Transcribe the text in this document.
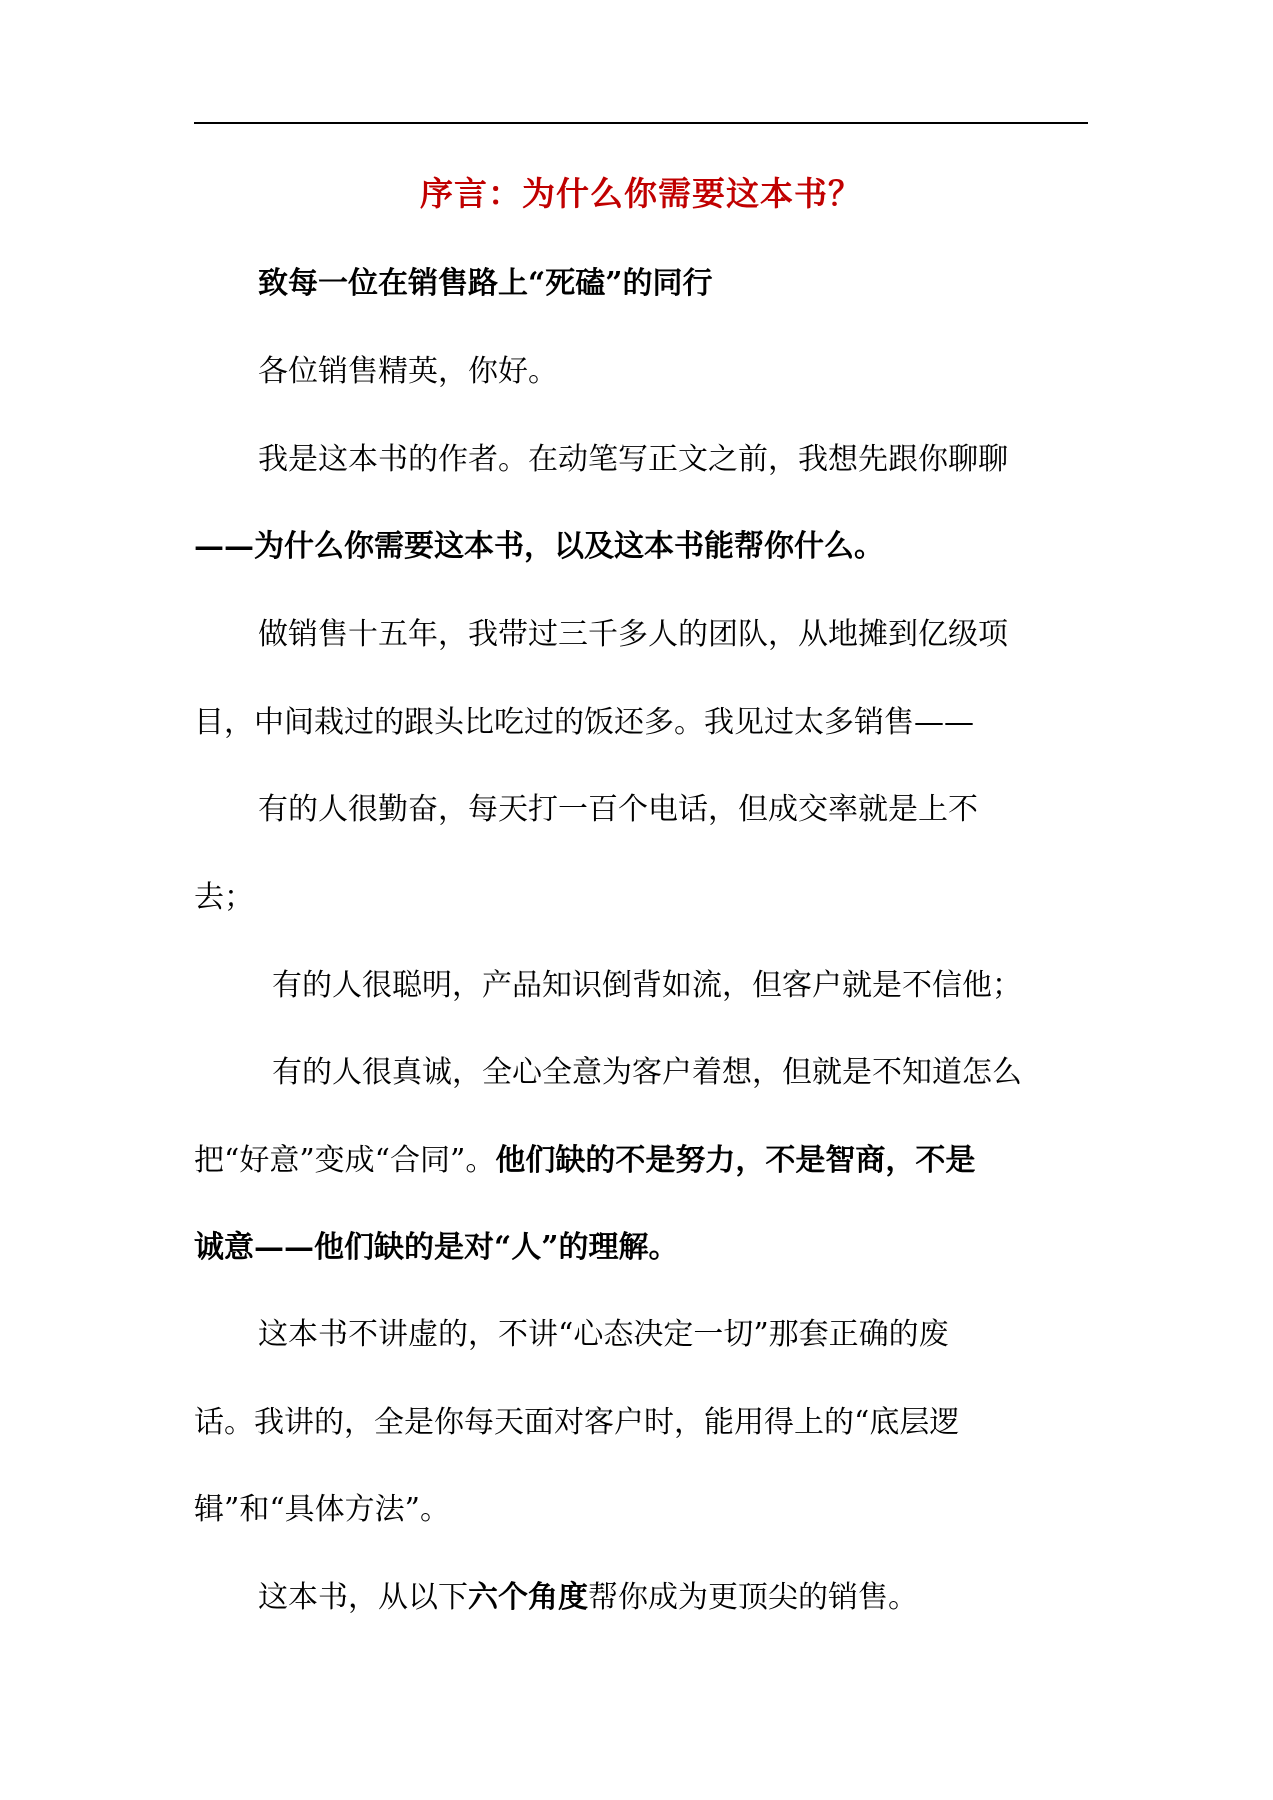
序言：为什么你需要这本书？
致每一位在销售路上“死磕”的同行
各位销售精英，你好。
我是这本书的作者。在动笔写正文之前，我想先跟你聊聊
——为什么你需要这本书，以及这本书能帮你什么。
做销售十五年，我带过三千多人的团队，从地摊到亿级项
目，中间栽过的跟头比吃过的饭还多。我见过太多销售——
有的人很勤奋，每天打一百个电话，但成交率就是上不
去；
有的人很聪明，产品知识倒背如流，但客户就是不信他；
有的人很真诚，全心全意为客户着想，但就是不知道怎么
把“好意”变成“合同”。他们缺的不是努力，不是智商，不是
诚意——他们缺的是对“人”的理解。
这本书不讲虚的，不讲“心态决定一切”那套正确的废
话。我讲的，全是你每天面对客户时，能用得上的“底层逻
辑”和“具体方法”。
这本书，从以下六个角度帮你成为更顶尖的销售。
